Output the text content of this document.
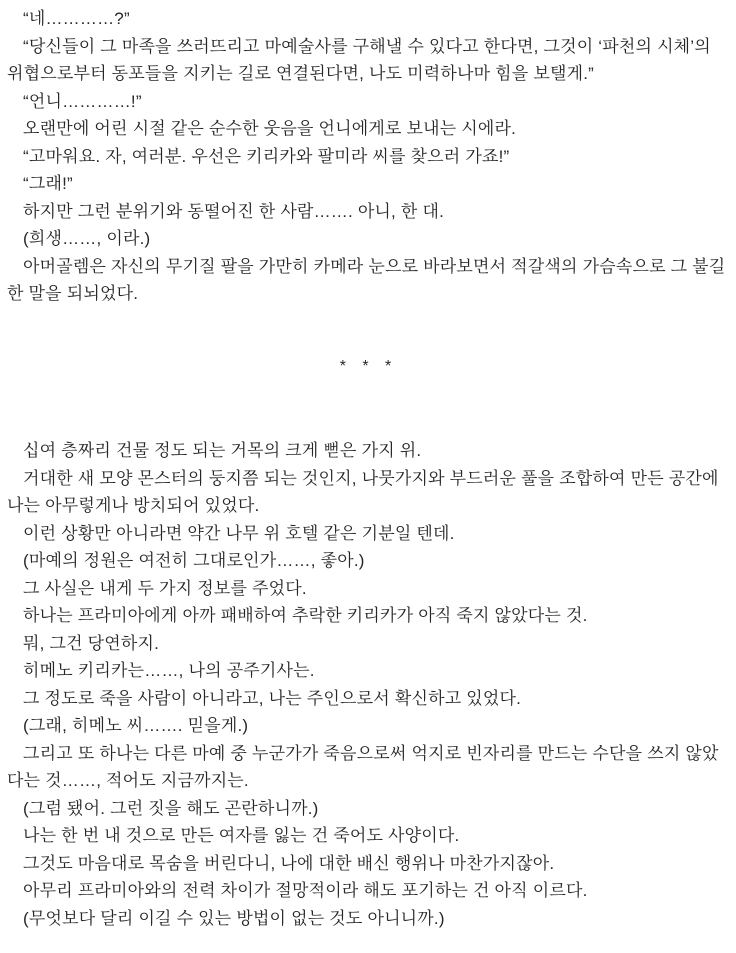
“네…………?”

“당신들이 그 마족을 쓰러뜨리고 마예술사를 구해낼 수 있다고 한다면, 그것이 ‘파천의 시체’의 위협으로부터 동포들을 지키는 길로 연결된다면, 나도 미력하나마 힘을 보탤게.”

“언니…………!”

오랜만에 어린 시절 같은 순수한 웃음을 언니에게로 보내는 시에라.

“고마워요. 자, 여러분. 우선은 키리카와 팔미라 씨를 찾으러 가죠!”

“그래!”

하지만 그런 분위기와 동떨어진 한 사람……. 아니, 한 대.

(희생……, 이라.)

아머골렘은 자신의 무기질 팔을 가만히 카메라 눈으로 바라보면서 적갈색의 가슴속으로 그 불길한 말을 되뇌었다.

* * *

십여 층짜리 건물 정도 되는 거목의 크게 뻗은 가지 위.

거대한 새 모양 몬스터의 둥지쯤 되는 것인지, 나뭇가지와 부드러운 풀을 조합하여 만든 공간에 나는 아무렇게나 방치되어 있었다.

이런 상황만 아니라면 약간 나무 위 호텔 같은 기분일 텐데.

(마예의 정원은 여전히 그대로인가……, 좋아.)

그 사실은 내게 두 가지 정보를 주었다.

하나는 프라미아에게 아까 패배하여 추락한 키리카가 아직 죽지 않았다는 것.

뭐, 그건 당연하지.

히메노 키리카는……, 나의 공주기사는.

그 정도로 죽을 사람이 아니라고, 나는 주인으로서 확신하고 있었다.

(그래, 히메노 씨……. 믿을게.)

그리고 또 하나는 다른 마예 중 누군가가 죽음으로써 억지로 빈자리를 만드는 수단을 쓰지 않았다는 것……, 적어도 지금까지는.

(그럼 됐어. 그런 짓을 해도 곤란하니까.)

나는 한 번 내 것으로 만든 여자를 잃는 건 죽어도 사양이다.

그것도 마음대로 목숨을 버린다니, 나에 대한 배신 행위나 마찬가지잖아.

아무리 프라미아와의 전력 차이가 절망적이라 해도 포기하는 건 아직 이르다.

(무엇보다 달리 이길 수 있는 방법이 없는 것도 아니니까.)
